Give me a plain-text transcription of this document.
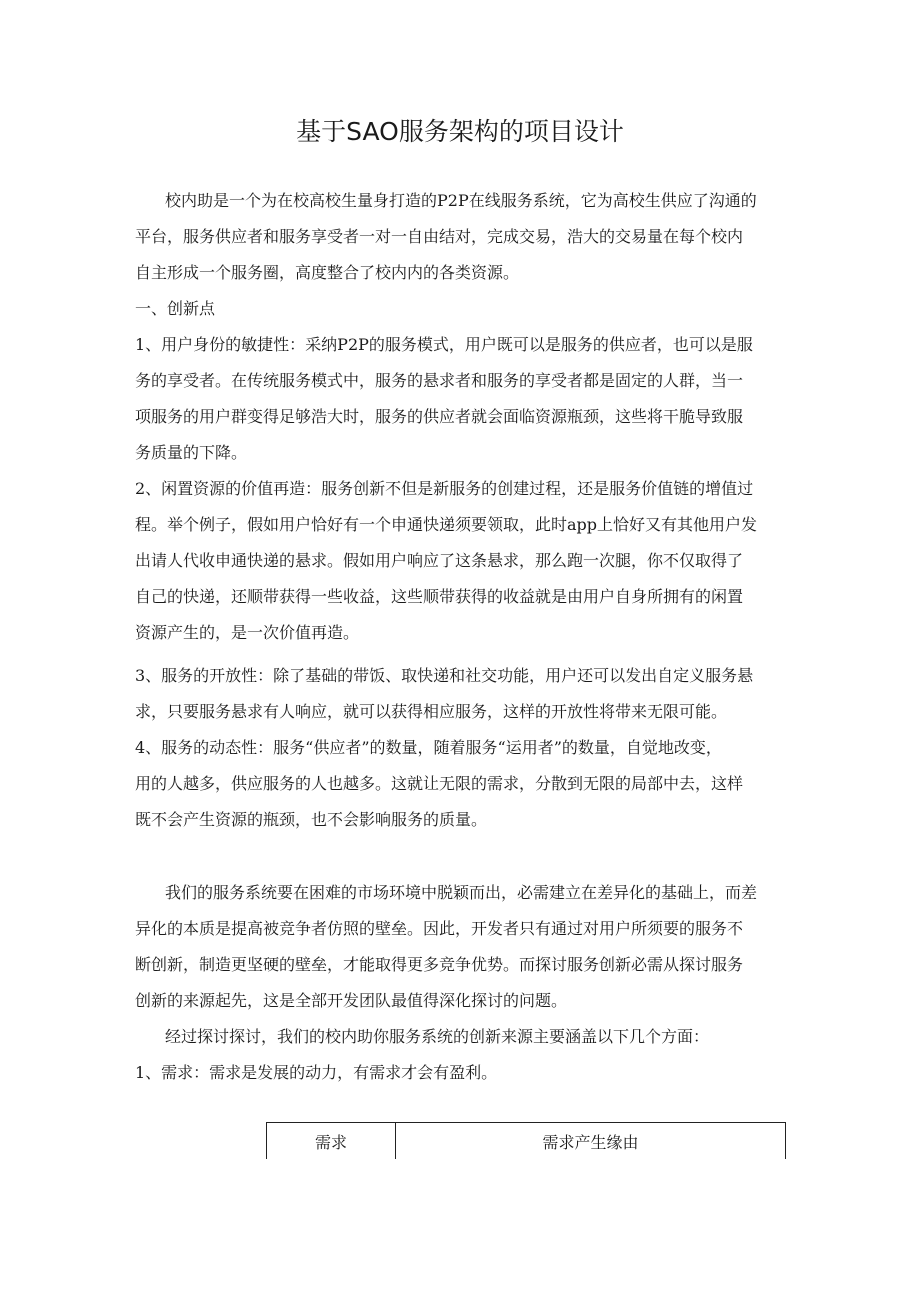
基于SAO服务架构的项目设计
校内助是一个为在校高校生量身打造的P2P在线服务系统，它为高校生供应了沟通的
平台，服务供应者和服务享受者一对一自由结对，完成交易，浩大的交易量在每个校内
自主形成一个服务圈，高度整合了校内内的各类资源。
一、创新点
1、用户身份的敏捷性：采纳P2P的服务模式，用户既可以是服务的供应者，也可以是服
务的享受者。在传统服务模式中，服务的悬求者和服务的享受者都是固定的人群，当一
项服务的用户群变得足够浩大时，服务的供应者就会面临资源瓶颈，这些将干脆导致服
务质量的下降。
2、闲置资源的价值再造：服务创新不但是新服务的创建过程，还是服务价值链的增值过
程。举个例子，假如用户恰好有一个申通快递须要领取，此时app上恰好又有其他用户发
出请人代收申通快递的悬求。假如用户响应了这条悬求，那么跑一次腿，你不仅取得了
自己的快递，还顺带获得一些收益，这些顺带获得的收益就是由用户自身所拥有的闲置
资源产生的，是一次价值再造。
3、服务的开放性：除了基础的带饭、取快递和社交功能，用户还可以发出自定义服务悬
求，只要服务悬求有人响应，就可以获得相应服务，这样的开放性将带来无限可能。
4、服务的动态性：服务“供应者”的数量，随着服务“运用者”的数量，自觉地改变，
用的人越多，供应服务的人也越多。这就让无限的需求，分散到无限的局部中去，这样
既不会产生资源的瓶颈，也不会影响服务的质量。
我们的服务系统要在困难的市场环境中脱颖而出，必需建立在差异化的基础上，而差
异化的本质是提高被竞争者仿照的壁垒。因此，开发者只有通过对用户所须要的服务不
断创新，制造更坚硬的壁垒，才能取得更多竞争优势。而探讨服务创新必需从探讨服务
创新的来源起先，这是全部开发团队最值得深化探讨的问题。
经过探讨探讨，我们的校内助你服务系统的创新来源主要涵盖以下几个方面：
1、需求：需求是发展的动力，有需求才会有盈利。
需求	需求产生缘由
